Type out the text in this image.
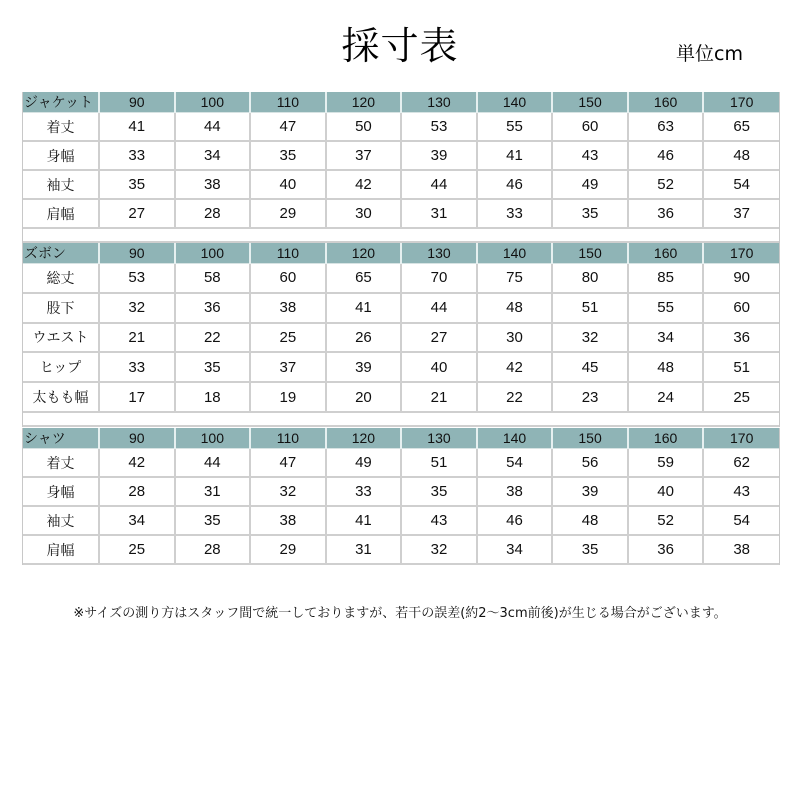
採寸表	単位cm
ジャケット	90	100	110	120	130	140	150	160	170
着丈	41	44	47	50	53	55	60	63	65
身幅	33	34	35	37	39	41	43	46	48
袖丈	35	38	40	42	44	46	49	52	54
肩幅	27	28	29	30	31	33	35	36	37
ズボン	90	100	110	120	130	140	150	160	170
総丈	53	58	60	65	70	75	80	85	90
股下	32	36	38	41	44	48	51	55	60
ウエスト	21	22	25	26	27	30	32	34	36
ヒップ	33	35	37	39	40	42	45	48	51
太もも幅	17	18	19	20	21	22	23	24	25
シャツ	90	100	110	120	130	140	150	160	170
着丈	42	44	47	49	51	54	56	59	62
身幅	28	31	32	33	35	38	39	40	43
袖丈	34	35	38	41	43	46	48	52	54
肩幅	25	28	29	31	32	34	35	36	38
※サイズの測り方はスタッフ間で統一しておりますが、若干の誤差(約2〜3cm前後)が生じる場合がございます。
